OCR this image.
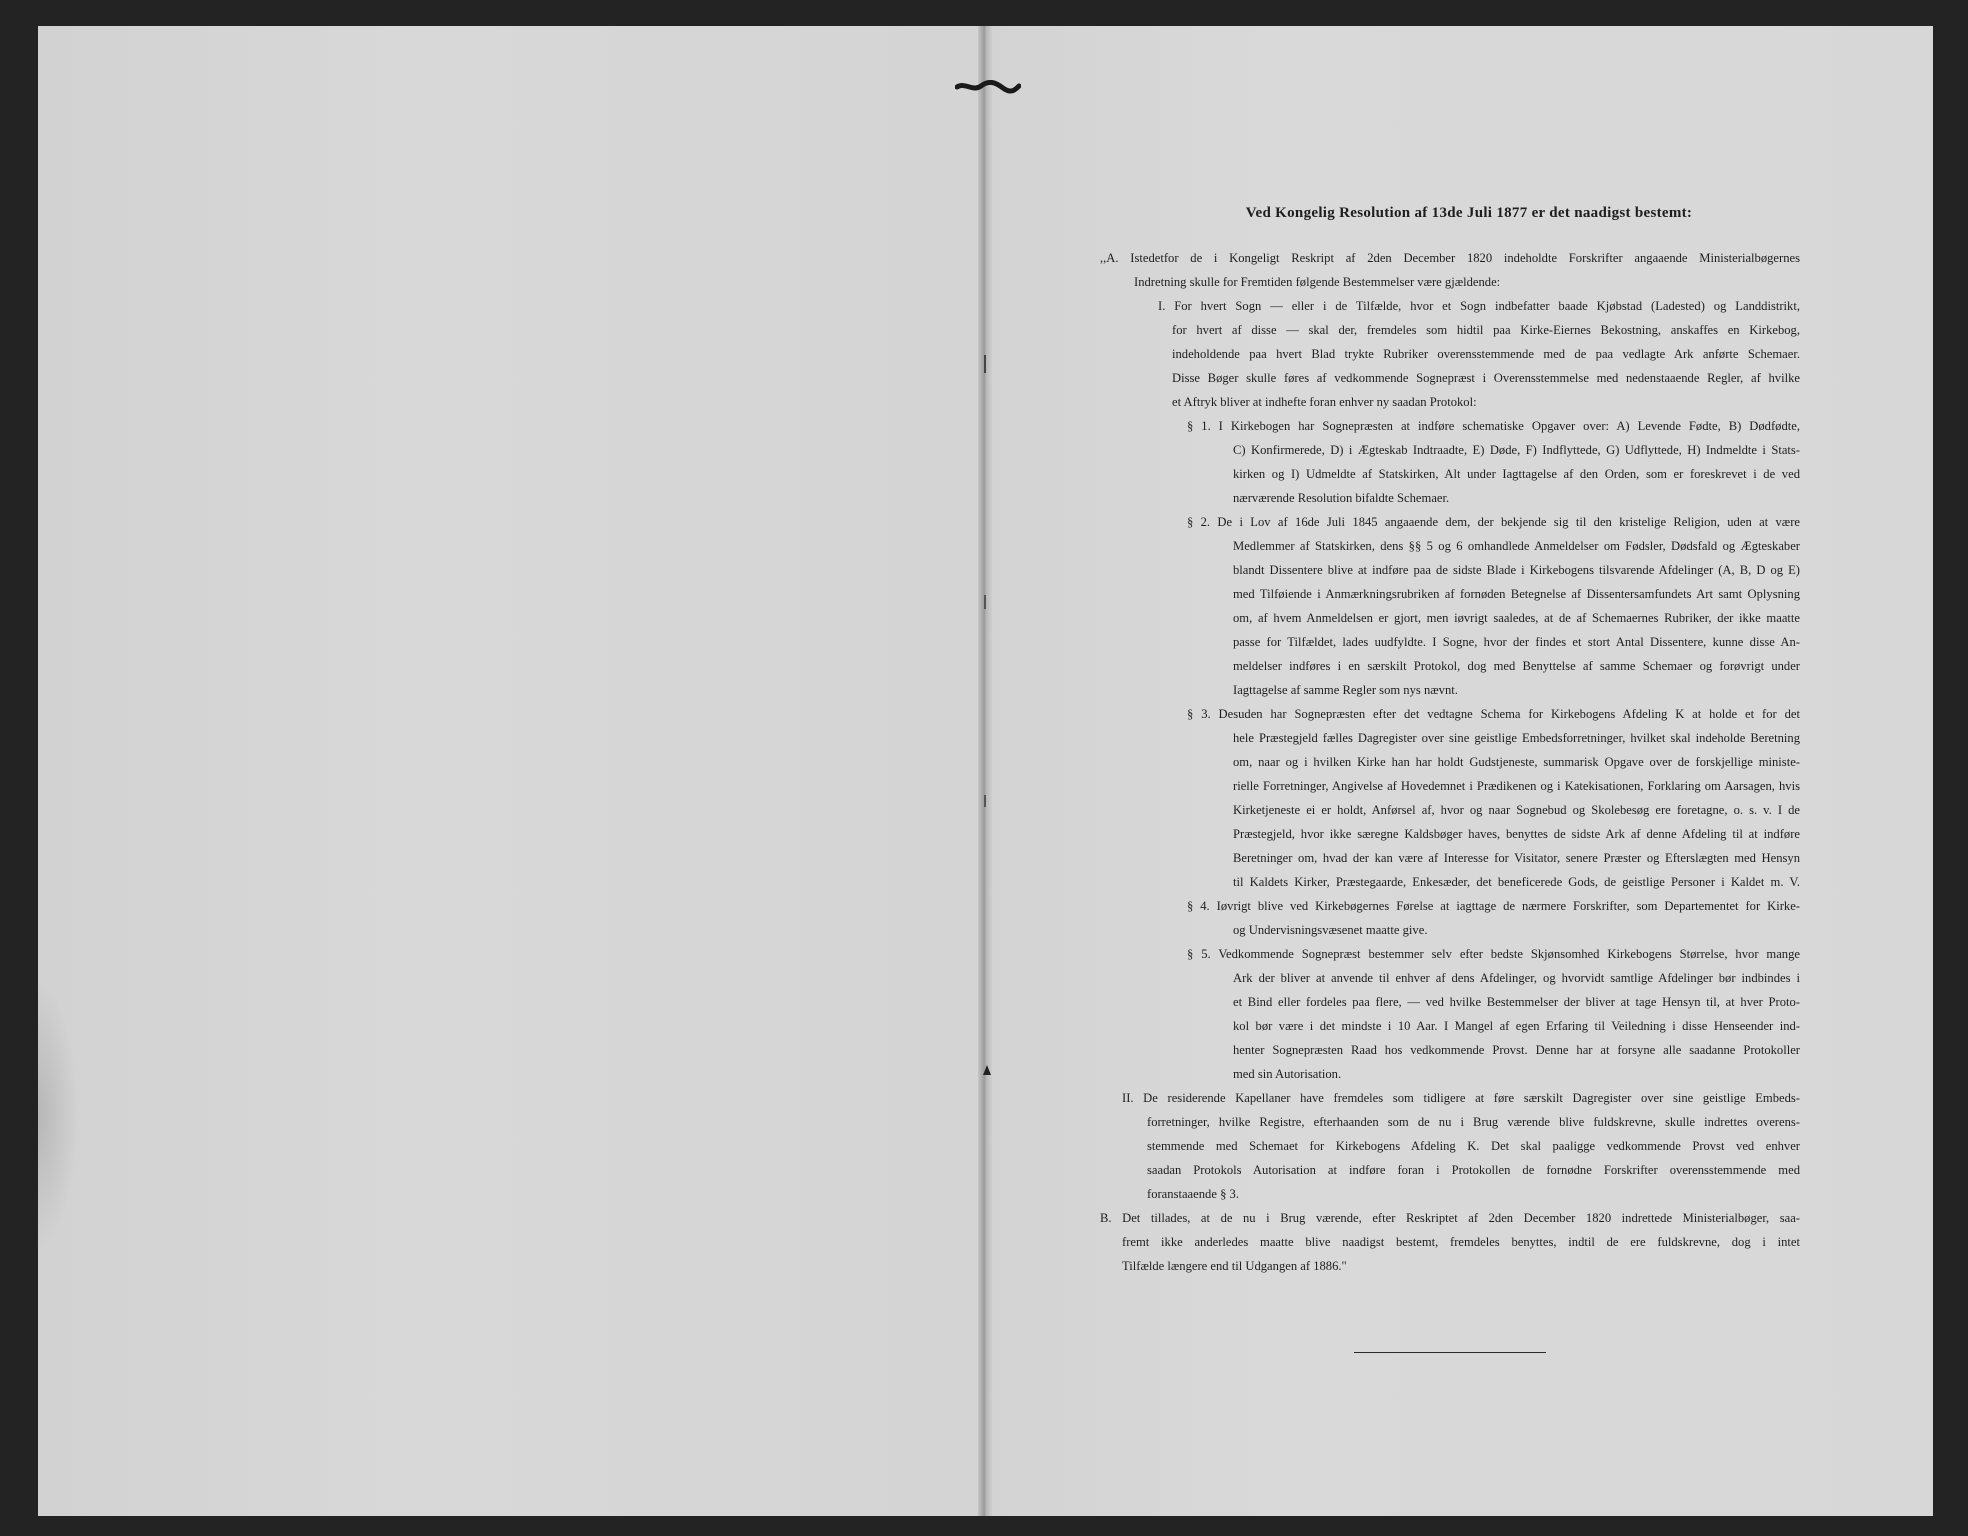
Ved Kongelig Resolution af 13de Juli 1877 er det naadigst bestemt:
,,A. Istedetfor de i Kongeligt Reskript af 2den December 1820 indeholdte Forskrifter angaaende Ministerialbøgernes
Indretning skulle for Fremtiden følgende Bestemmelser være gjældende:
I. For hvert Sogn — eller i de Tilfælde, hvor et Sogn indbefatter baade Kjøbstad (Ladested) og Landdistrikt,
for hvert af disse — skal der, fremdeles som hidtil paa Kirke-Eiernes Bekostning, anskaffes en Kirkebog,
indeholdende paa hvert Blad trykte Rubriker overensstemmende med de paa vedlagte Ark anførte Schemaer.
Disse Bøger skulle føres af vedkommende Sognepræst i Overensstemmelse med nedenstaaende Regler, af hvilke
et Aftryk bliver at indhefte foran enhver ny saadan Protokol:
§ 1. I Kirkebogen har Sognepræsten at indføre schematiske Opgaver over: A) Levende Fødte, B) Dødfødte,
C) Konfirmerede, D) i Ægteskab Indtraadte, E) Døde, F) Indflyttede, G) Udflyttede, H) Indmeldte i Stats-
kirken og I) Udmeldte af Statskirken, Alt under Iagttagelse af den Orden, som er foreskrevet i de ved
nærværende Resolution bifaldte Schemaer.
§ 2. De i Lov af 16de Juli 1845 angaaende dem, der bekjende sig til den kristelige Religion, uden at være
Medlemmer af Statskirken, dens §§ 5 og 6 omhandlede Anmeldelser om Fødsler, Dødsfald og Ægteskaber
blandt Dissentere blive at indføre paa de sidste Blade i Kirkebogens tilsvarende Afdelinger (A, B, D og E)
med Tilføiende i Anmærkningsrubriken af fornøden Betegnelse af Dissentersamfundets Art samt Oplysning
om, af hvem Anmeldelsen er gjort, men iøvrigt saaledes, at de af Schemaernes Rubriker, der ikke maatte
passe for Tilfældet, lades uudfyldte. I Sogne, hvor der findes et stort Antal Dissentere, kunne disse An-
meldelser indføres i en særskilt Protokol, dog med Benyttelse af samme Schemaer og forøvrigt under
Iagttagelse af samme Regler som nys nævnt.
§ 3. Desuden har Sognepræsten efter det vedtagne Schema for Kirkebogens Afdeling K at holde et for det
hele Præstegjeld fælles Dagregister over sine geistlige Embedsforretninger, hvilket skal indeholde Beretning
om, naar og i hvilken Kirke han har holdt Gudstjeneste, summarisk Opgave over de forskjellige ministe-
rielle Forretninger, Angivelse af Hovedemnet i Prædikenen og i Katekisationen, Forklaring om Aarsagen, hvis
Kirketjeneste ei er holdt, Anførsel af, hvor og naar Sognebud og Skolebesøg ere foretagne, o. s. v. I de
Præstegjeld, hvor ikke særegne Kaldsbøger haves, benyttes de sidste Ark af denne Afdeling til at indføre
Beretninger om, hvad der kan være af Interesse for Visitator, senere Præster og Efterslægten med Hensyn
til Kaldets Kirker, Præstegaarde, Enkesæder, det beneficerede Gods, de geistlige Personer i Kaldet m. V.
§ 4. Iøvrigt blive ved Kirkebøgernes Førelse at iagttage de nærmere Forskrifter, som Departementet for Kirke-
og Undervisningsvæsenet maatte give.
§ 5. Vedkommende Sognepræst bestemmer selv efter bedste Skjønsomhed Kirkebogens Størrelse, hvor mange
Ark der bliver at anvende til enhver af dens Afdelinger, og hvorvidt samtlige Afdelinger bør indbindes i
et Bind eller fordeles paa flere, — ved hvilke Bestemmelser der bliver at tage Hensyn til, at hver Proto-
kol bør være i det mindste i 10 Aar. I Mangel af egen Erfaring til Veiledning i disse Henseender ind-
henter Sognepræsten Raad hos vedkommende Provst. Denne har at forsyne alle saadanne Protokoller
med sin Autorisation.
II. De residerende Kapellaner have fremdeles som tidligere at føre særskilt Dagregister over sine geistlige Embeds-
forretninger, hvilke Registre, efterhaanden som de nu i Brug værende blive fuldskrevne, skulle indrettes overens-
stemmende med Schemaet for Kirkebogens Afdeling K. Det skal paaligge vedkommende Provst ved enhver
saadan Protokols Autorisation at indføre foran i Protokollen de fornødne Forskrifter overensstemmende med
foranstaaende § 3.
B. Det tillades, at de nu i Brug værende, efter Reskriptet af 2den December 1820 indrettede Ministerialbøger, saa-
fremt ikke anderledes maatte blive naadigst bestemt, fremdeles benyttes, indtil de ere fuldskrevne, dog i intet
Tilfælde længere end til Udgangen af 1886."
